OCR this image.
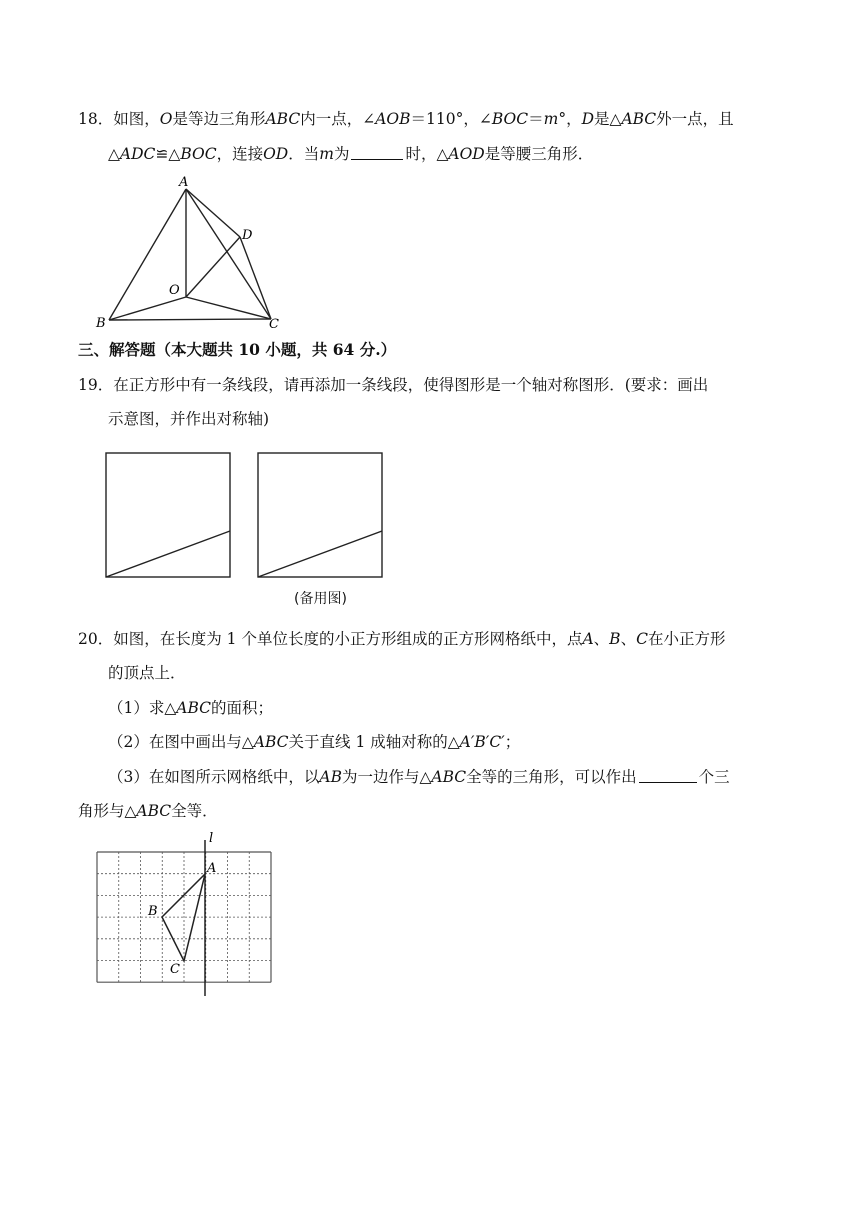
18．如图，O是等边三角形ABC内一点，∠AOB＝110°，∠BOC＝m°，D是△ABC外一点，且
△ADC≌△BOC，连接OD．当m为	时，△AOD是等腰三角形．
A
B	C
D
O
三、解答题（本大题共 10 小题，共 64 分.）
19．在正方形中有一条线段，请再添加一条线段，使得图形是一个轴对称图形．(要求：画出
示意图，并作出对称轴)
(备用图)
20．如图，在长度为 1 个单位长度的小正方形组成的正方形网格纸中，点A、B、C在小正方形
的顶点上．
（1）求△ABC的面积；
（2）在图中画出与△ABC关于直线 1 成轴对称的△A′B′C′；
（3）在如图所示网格纸中，以AB为一边作与△ABC全等的三角形，可以作出	个三
角形与△ABC全等．
l
A
B
C
